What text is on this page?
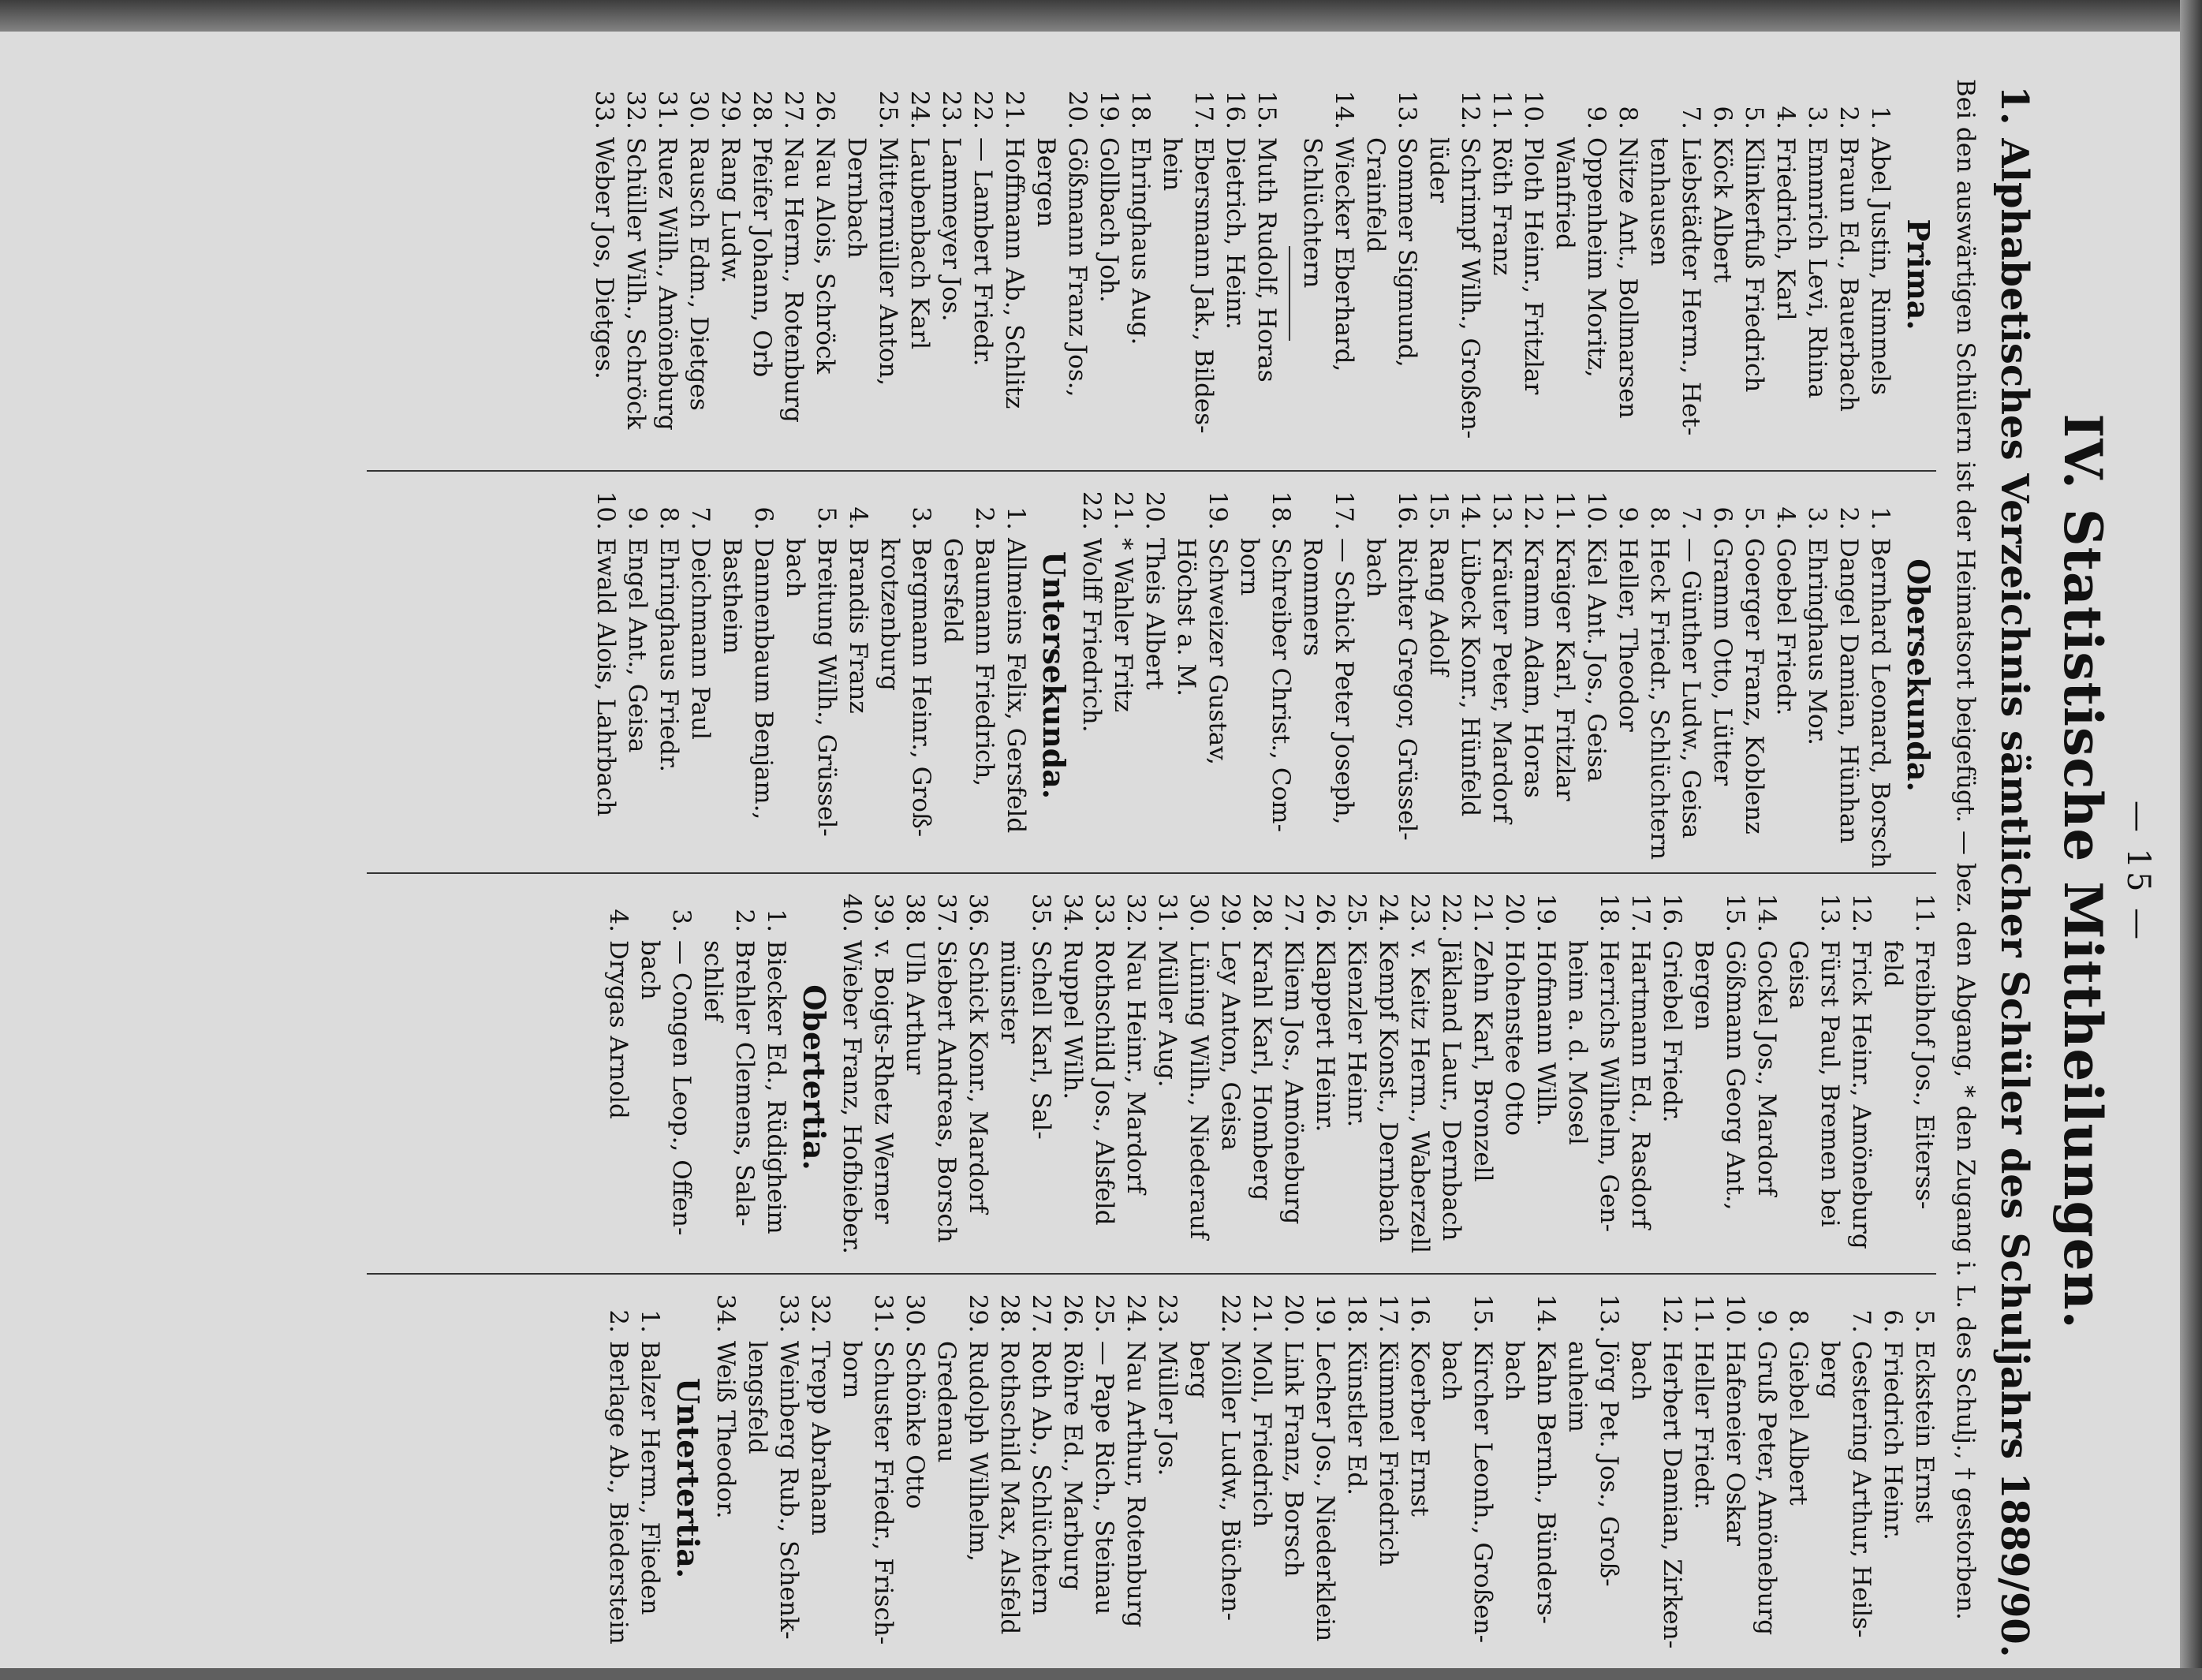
— 15 —
IV. Statistische Mittheilungen.
1. Alphabetisches Verzeichnis sämtlicher Schüler des Schuljahrs 1889/90.
Bei den auswärtigen Schülern ist der Heimatsort beigefügt. — bez. den Abgang, * den Zugang i. L. des Schulj., † gestorben.
Prima.
1.
Abel Justin, Rimmels
2.
Braun Ed., Bauerbach
3.
Emmrich Levi, Rhina
4.
Friedrich, Karl
5.
Klinkerfuß Friedrich
6.
Köck Albert
7.
Liebstädter Herm., Het-
tenhausen
8.
Nitze Ant., Bollmarsen
9.
Oppenheim Moritz,
Wanfried
10.
Ploth Heinr., Fritzlar
11.
Röth Franz
12.
Schrimpf Wilh., Großen-
lüder
13.
Sommer Sigmund,
Crainfeld
14.
Wiecker Eberhard,
Schlüchtern
15.
Muth Rudolf, Horas
16.
Dietrich, Heinr.
17.
Ebersmann Jak., Bildes-
hein
18.
Ehringhaus Aug.
19.
Gollbach Joh.
20.
Gößmann Franz Jos.,
Bergen
21.
Hoffmann Ab., Schlitz
22.
— Lambert Friedr.
23.
Lammeyer Jos.
24.
Laubenbach Karl
25.
Mittermüller Anton,
Dernbach
26.
Nau Alois, Schröck
27.
Nau Herm., Rotenburg
28.
Pfeifer Johann, Orb
29.
Rang Ludw.
30.
Rausch Edm., Dietges
31.
Ruez Wilh., Amöneburg
32.
Schüller Wilh., Schröck
33.
Weber Jos, Dietges.
Obersekunda.
1.
Bernhard Leonard, Borsch
2.
Dangel Damian, Hünhan
3.
Ehringhaus Mor.
4.
Goebel Friedr.
5.
Goerger Franz, Koblenz
6.
Gramm Otto, Lütter
7.
— Günther Ludw., Geisa
8.
Heck Friedr., Schlüchtern
9.
Heller, Theodor
10.
Kiel Ant. Jos., Geisa
11.
Kraiger Karl, Fritzlar
12.
Kramm Adam, Horas
13.
Kräuter Peter, Mardorf
14.
Lübeck Konr., Hünfeld
15.
Rang Adolf
16.
Richter Gregor, Grüssel-
bach
17.
— Schick Peter Joseph,
Rommers
18.
Schreiber Christ., Com-
born
19.
Schweizer Gustav,
Höchst a. M.
20.
Theis Albert
21.
* Wahler Fritz
22.
Wolff Friedrich.
Untersekunda.
1.
Allmeins Felix, Gersfeld
2.
Baumann Friedrich,
Gersfeld
3.
Bergmann Heinr., Groß-
krotzenburg
4.
Brandis Franz
5.
Breitung Wilh., Grüssel-
bach
6.
Dannenbaum Benjam.,
Bastheim
7.
Deichmann Paul
8.
Ehringhaus Friedr.
9.
Engel Ant., Geisa
10.
Ewald Alois, Lahrbach
11.
Freibhof Jos., Eiterss-
feld
12.
Frick Heinr., Amöneburg
13.
Fürst Paul, Bremen bei
Geisa
14.
Gockel Jos., Mardorf
15.
Gößmann Georg Ant.,
Bergen
16.
Griebel Friedr.
17.
Hartmann Ed., Rasdorf
18.
Herrichs Wilhelm, Gen-
heim a. d. Mosel
19.
Hofmann Wilh.
20.
Hohenstee Otto
21.
Zehn Karl, Bronzell
22.
Jäkland Laur., Dernbach
23.
v. Keitz Herm., Waberzell
24.
Kempf Konst., Dernbach
25.
Kienzler Heinr.
26.
Klappert Heinr.
27.
Kliem Jos., Amöneburg
28.
Krahl Karl, Homberg
29.
Ley Anton, Geisa
30.
Lüning Wilh., Niederauf
31.
Müller Aug.
32.
Nau Heinr., Mardorf
33.
Rothschild Jos., Alsfeld
34.
Ruppel Wilh.
35.
Schell Karl, Sal-
münster
36.
Schick Konr., Mardorf
37.
Siebert Andreas, Borsch
38.
Ulh Arthur
39.
v. Boigts-Rhetz Werner
40.
Wieber Franz, Hofbieber.
Obertertia.
1.
Biecker Ed., Rüdigheim
2.
Brehler Clemens, Sala-
schlief
3.
— Congen Leop., Offen-
bach
4.
Drygas Arnold
5.
Eckstein Ernst
6.
Friedrich Heinr.
7.
Gestering Arthur, Heils-
berg
8.
Giebel Albert
9.
Gruß Peter, Amöneburg
10.
Hafeneier Oskar
11.
Heller Friedr.
12.
Herbert Damian, Zirken-
bach
13.
Jörg Pet. Jos., Groß-
auheim
14.
Kahn Bernh., Bünders-
bach
15.
Kircher Leonh., Großen-
bach
16.
Koerber Ernst
17.
Kümmel Friedrich
18.
Künstler Ed.
19.
Lecher Jos., Niederklein
20.
Link Franz, Borsch
21.
Moll, Friedrich
22.
Möller Ludw., Büchen-
berg
23.
Müller Jos.
24.
Nau Arthur, Rotenburg
25.
— Pape Rich., Steinau
26.
Röhre Ed., Marburg
27.
Roth Ab., Schlüchtern
28.
Rothschild Max, Alsfeld
29.
Rudolph Wilhelm,
Gredenau
30.
Schönke Otto
31.
Schuster Friedr., Frisch-
born
32.
Trepp Abraham
33.
Weinberg Rub., Schenk-
lengsfeld
34.
Weiß Theodor.
Untertertia.
1.
Balzer Herm., Flieden
2.
Berlage Ab., Biederstein
